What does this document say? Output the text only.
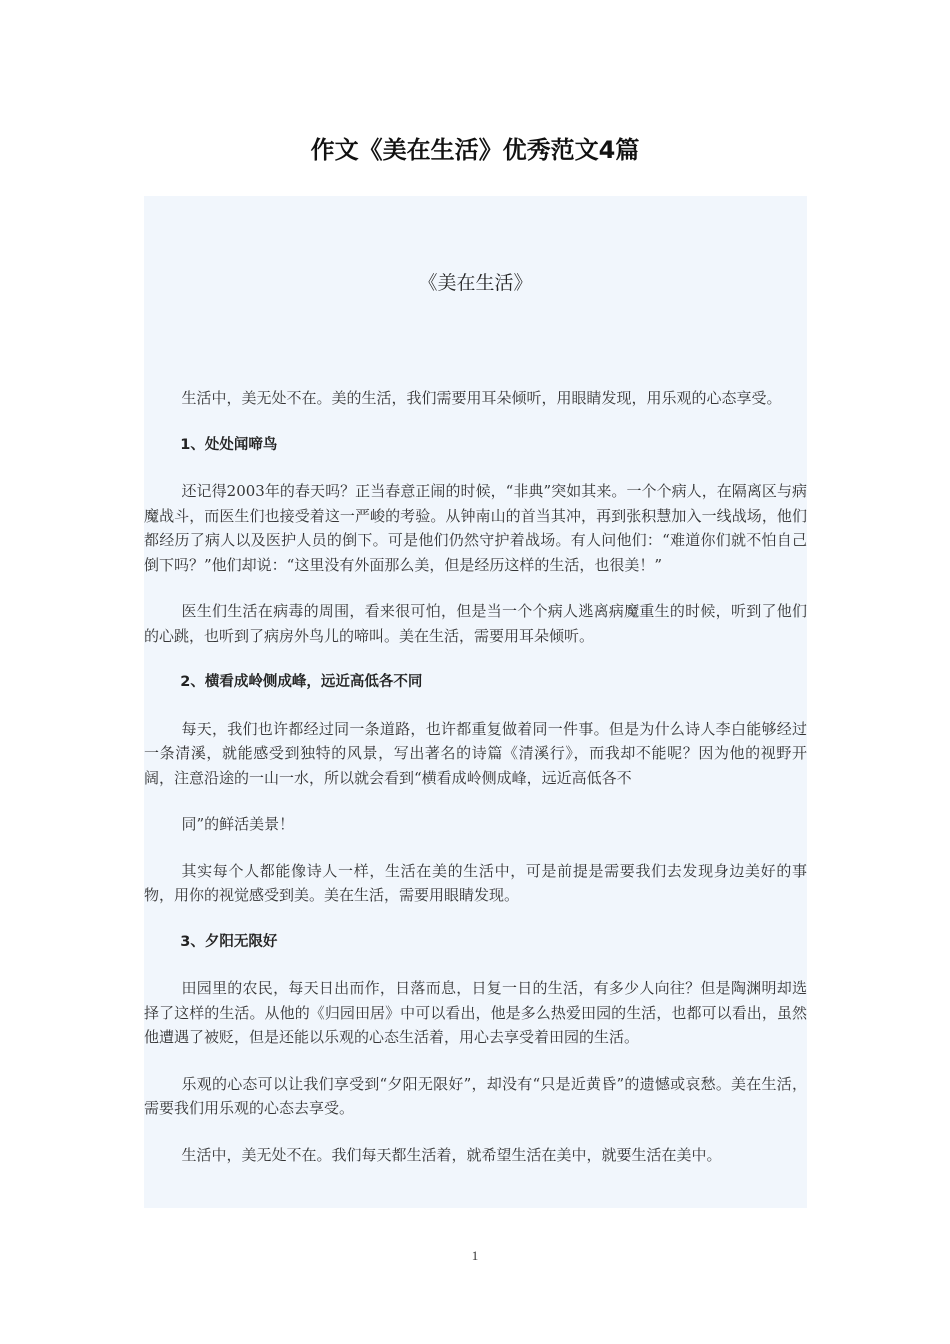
作文《美在生活》优秀范文4篇
《美在生活》

生活中，美无处不在。美的生活，我们需要用耳朵倾听，用眼睛发现，用乐观的心态享受。

1、处处闻啼鸟

还记得2003年的春天吗？正当春意正闹的时候，“非典”突如其来。一个个病人，在隔离区与病魔战斗，而医生们也接受着这一严峻的考验。从钟南山的首当其冲，再到张积慧加入一线战场，他们都经历了病人以及医护人员的倒下。可是他们仍然守护着战场。有人问他们：“难道你们就不怕自己倒下吗？”他们却说：“这里没有外面那么美，但是经历这样的生活，也很美！”

医生们生活在病毒的周围，看来很可怕，但是当一个个病人逃离病魔重生的时候，听到了他们的心跳，也听到了病房外鸟儿的啼叫。美在生活，需要用耳朵倾听。

2、横看成岭侧成峰，远近高低各不同

每天，我们也许都经过同一条道路，也许都重复做着同一件事。但是为什么诗人李白能够经过一条清溪，就能感受到独特的风景，写出著名的诗篇《清溪行》，而我却不能呢？因为他的视野开阔，注意沿途的一山一水，所以就会看到“横看成岭侧成峰，远近高低各不

同”的鲜活美景！

其实每个人都能像诗人一样，生活在美的生活中，可是前提是需要我们去发现身边美好的事物，用你的视觉感受到美。美在生活，需要用眼睛发现。

3、夕阳无限好

田园里的农民，每天日出而作，日落而息，日复一日的生活，有多少人向往？但是陶渊明却选择了这样的生活。从他的《归园田居》中可以看出，他是多么热爱田园的生活，也都可以看出，虽然他遭遇了被贬，但是还能以乐观的心态生活着，用心去享受着田园的生活。

乐观的心态可以让我们享受到“夕阳无限好”，却没有“只是近黄昏”的遗憾或哀愁。美在生活，需要我们用乐观的心态去享受。

生活中，美无处不在。我们每天都生活着，就希望生活在美中，就要生活在美中。

1
